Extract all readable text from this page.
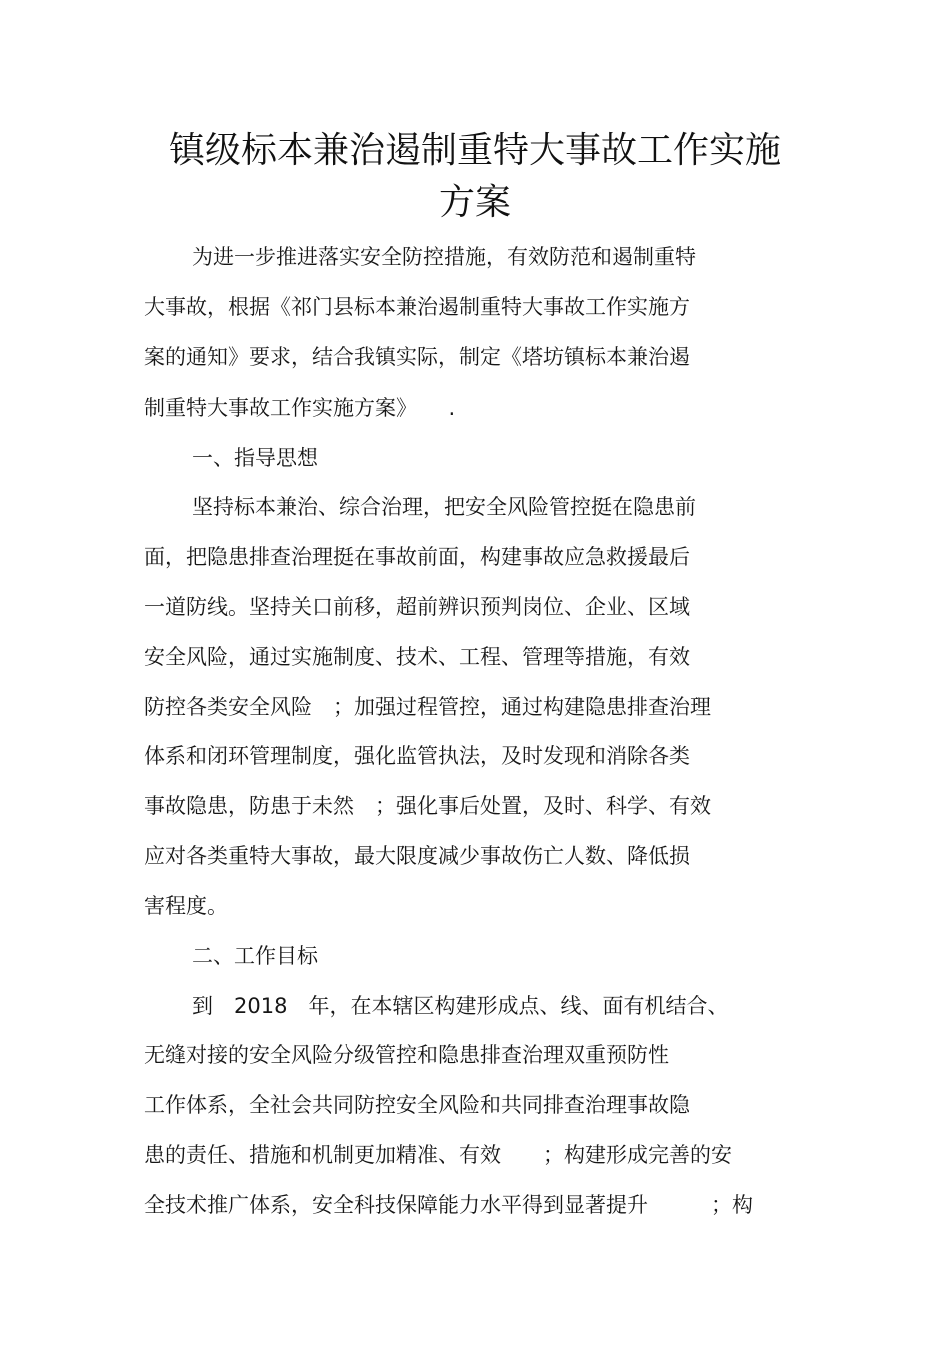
镇级标本兼治遏制重特大事故工作实施
方案
为进一步推进落实安全防控措施，有效防范和遏制重特
大事故，根据《祁门县标本兼治遏制重特大事故工作实施方
案的通知》要求，结合我镇实际，制定《塔坊镇标本兼治遏
制重特大事故工作实施方案》　　.
一、指导思想
坚持标本兼治、综合治理，把安全风险管控挺在隐患前
面，把隐患排查治理挺在事故前面，构建事故应急救援最后
一道防线。坚持关口前移，超前辨识预判岗位、企业、区域
安全风险，通过实施制度、技术、工程、管理等措施，有效
防控各类安全风险　；加强过程管控，通过构建隐患排查治理
体系和闭环管理制度，强化监管执法，及时发现和消除各类
事故隐患，防患于未然　；强化事后处置，及时、科学、有效
应对各类重特大事故，最大限度减少事故伤亡人数、降低损
害程度。
二、工作目标
到　2018　年，在本辖区构建形成点、线、面有机结合、
无缝对接的安全风险分级管控和隐患排查治理双重预防性
工作体系，全社会共同防控安全风险和共同排查治理事故隐
患的责任、措施和机制更加精准、有效　　；构建形成完善的安
全技术推广体系，安全科技保障能力水平得到显著提升　　　；构
